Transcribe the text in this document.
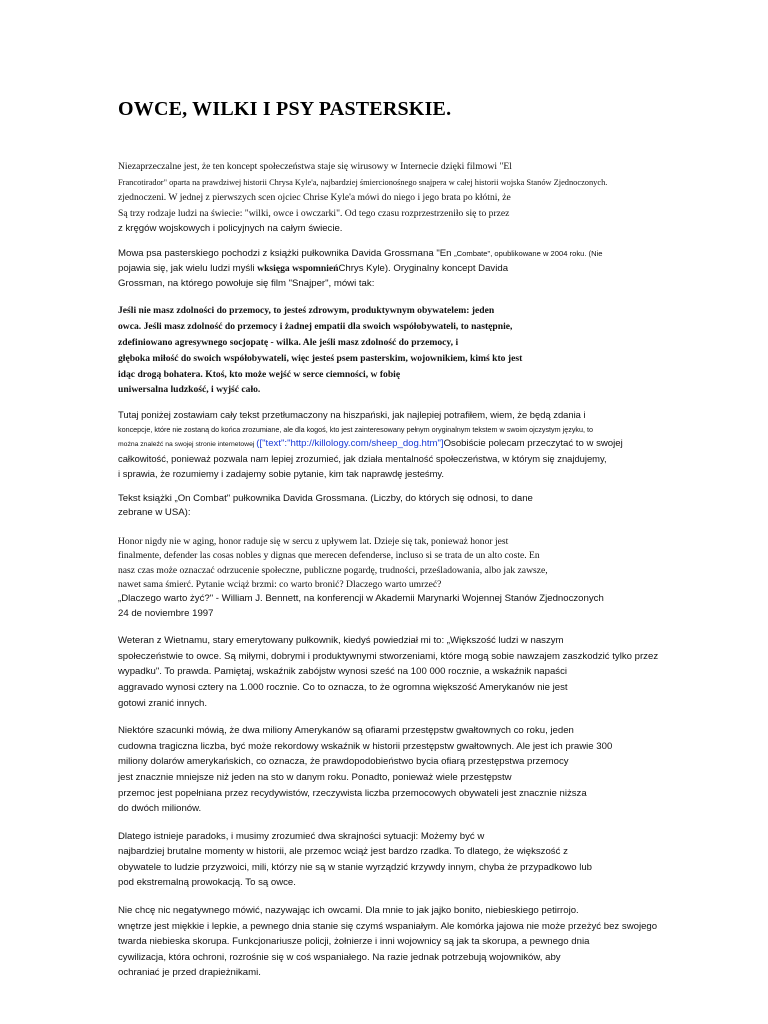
OWCE, WILKI I PSY PASTERSKIE.
Niezaprzeczalne jest, że ten koncept społeczeństwa staje się wirusowy w Internecie dzięki filmowi "El
Francotirador" oparta na prawdziwej historii Chrysa Kyle'a, najbardziej śmiercionośnego snajpera w całej historii wojska Stanów Zjednoczonych.
zjednoczeni. W jednej z pierwszych scen ojciec Chrise Kyle'a mówi do niego i jego brata po kłótni, że
Są trzy rodzaje ludzi na świecie: "wilki, owce i owczarki". Od tego czasu rozprzestrzeniło się to przez
z kręgów wojskowych i policyjnych na całym świecie.
Mowa psa pasterskiego pochodzi z książki pułkownika Davida Grossmana "En „Combate", opublikowane w 2004 roku. (Nie
pojawia się, jak wielu ludzi myśli wksięga wspomnieńChrys Kyle). Oryginalny koncept Davida
Grossman, na którego powołuje się film "Snajper", mówi tak:
Jeśli nie masz zdolności do przemocy, to jesteś zdrowym, produktywnym obywatelem: jeden
owca. Jeśli masz zdolność do przemocy i żadnej empatii dla swoich współobywateli, to następnie,
zdefiniowano agresywnego socjopatę - wilka. Ale jeśli masz zdolność do przemocy, i
głęboka miłość do swoich współobywateli, więc jesteś psem pasterskim, wojownikiem, kimś kto jest
idąc drogą bohatera. Ktoś, kto może wejść w serce ciemności, w fobię
uniwersalna ludzkość, i wyjść cało.
Tutaj poniżej zostawiam cały tekst przetłumaczony na hiszpański, jak najlepiej potrafiłem, wiem, że będą zdania i
koncepcje, które nie zostaną do końca zrozumiane, ale dla kogoś, kto jest zainteresowany pełnym oryginalnym tekstem w swoim ojczystym języku, to
można znaleźć na swojej stronie internetowej (["text":"http://killology.com/sheep_dog.htm"]Osobiście polecam przeczytać to w swojej
całkowitość, ponieważ pozwala nam lepiej zrozumieć, jak działa mentalność społeczeństwa, w którym się znajdujemy,
i sprawia, że rozumiemy i zadajemy sobie pytanie, kim tak naprawdę jesteśmy.
Tekst książki „On Combat" pułkownika Davida Grossmana. (Liczby, do których się odnosi, to dane
zebrane w USA):
Honor nigdy nie w aging, honor raduje się w sercu z upływem lat. Dzieje się tak, ponieważ honor jest
finalmente, defender las cosas nobles y dignas que merecen defenderse, incluso si se trata de un alto coste. En
nasz czas może oznaczać odrzucenie społeczne, publiczne pogardę, trudności, prześladowania, albo jak zawsze,
nawet sama śmierć. Pytanie wciąż brzmi: co warto bronić? Dlaczego warto umrzeć?
„Dlaczego warto żyć?" - William J. Bennett, na konferencji w Akademii Marynarki Wojennej Stanów Zjednoczonych
24 de noviembre 1997
Weteran z Wietnamu, stary emerytowany pułkownik, kiedyś powiedział mi to: „Większość ludzi w naszym
społeczeństwie to owce. Są miłymi, dobrymi i produktywnymi stworzeniami, które mogą sobie nawzajem zaszkodzić tylko przez
wypadku". To prawda. Pamiętaj, wskaźnik zabójstw wynosi sześć na 100 000 rocznie, a wskaźnik napaści
aggravado wynosi cztery na 1.000 rocznie. Co to oznacza, to że ogromna większość Amerykanów nie jest
gotowi zranić innych.
Niektóre szacunki mówią, że dwa miliony Amerykanów są ofiarami przestępstw gwałtownych co roku, jeden
cudowna tragiczna liczba, być może rekordowy wskaźnik w historii przestępstw gwałtownych. Ale jest ich prawie 300
miliony dolarów amerykańskich, co oznacza, że prawdopodobieństwo bycia ofiarą przestępstwa przemocy
jest znacznie mniejsze niż jeden na sto w danym roku. Ponadto, ponieważ wiele przestępstw
przemoc jest popełniana przez recydywistów, rzeczywista liczba przemocowych obywateli jest znacznie niższa
do dwóch milionów.
Dlatego istnieje paradoks, i musimy zrozumieć dwa skrajności sytuacji: Możemy być w
najbardziej brutalne momenty w historii, ale przemoc wciąż jest bardzo rzadka. To dlatego, że większość z
obywatele to ludzie przyzwoici, mili, którzy nie są w stanie wyrządzić krzywdy innym, chyba że przypadkowo lub
pod ekstremalną prowokacją. To są owce.
Nie chcę nic negatywnego mówić, nazywając ich owcami. Dla mnie to jak jajko bonito, niebieskiego petirrojo.
wnętrze jest miękkie i lepkie, a pewnego dnia stanie się czymś wspaniałym. Ale komórka jajowa nie może przeżyć bez swojego
twarda niebieska skorupa. Funkcjonariusze policji, żołnierze i inni wojownicy są jak ta skorupa, a pewnego dnia
cywilizacja, która ochroni, rozrośnie się w coś wspaniałego. Na razie jednak potrzebują wojowników, aby
ochraniać je przed drapieżnikami.
